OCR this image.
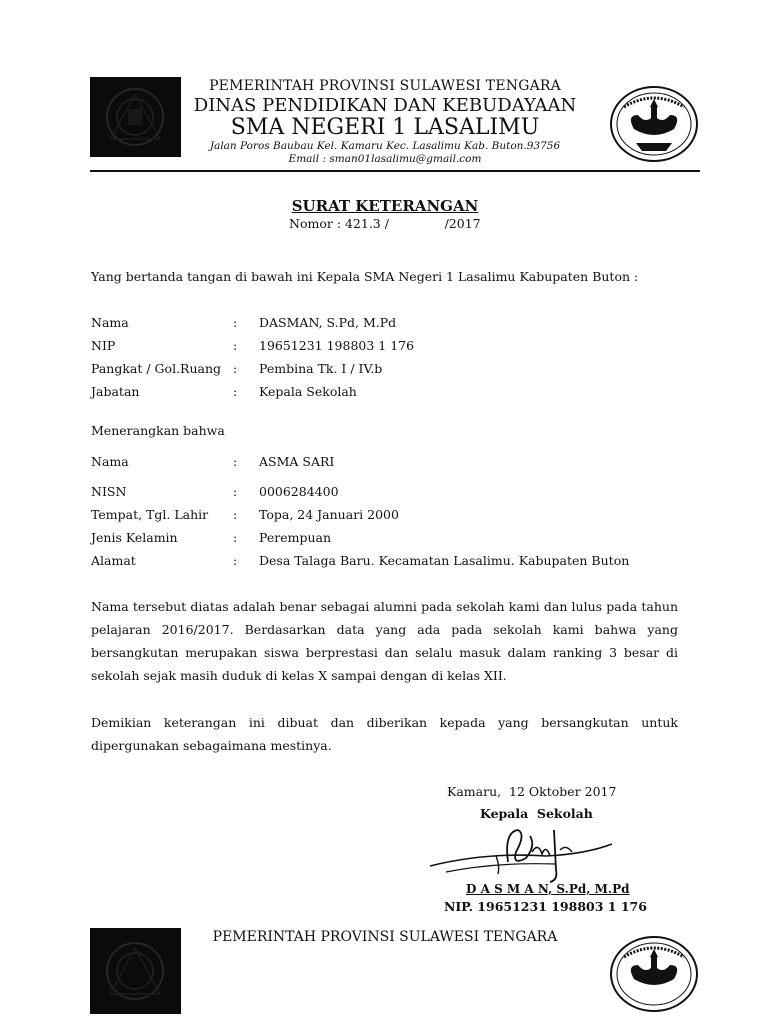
PEMERINTAH PROVINSI SULAWESI TENGARA
DINAS PENDIDIKAN DAN KEBUDAYAAN
SMA NEGERI 1 LASALIMU
Jalan Poros Baubau Kel. Kamaru Kec. Lasalimu Kab. Buton.93756
Email : sman01lasalimu@gmail.com
SURAT KETERANGAN
Nomor : 421.3 /              /2017
Yang bertanda tangan di bawah ini Kepala SMA Negeri 1 Lasalimu Kabupaten Buton :
Nama	: DASMAN, S.Pd, M.Pd
NIP	: 19651231 198803 1 176
Pangkat / Gol.Ruang : Pembina Tk. I / IV.b
Jabatan	: Kepala Sekolah
Menerangkan bahwa
Nama	: ASMA SARI
NISN	: 0006284400
Tempat, Tgl. Lahir : Topa, 24 Januari 2000
Jenis Kelamin	: Perempuan
Alamat	: Desa Talaga Baru. Kecamatan Lasalimu. Kabupaten Buton
Nama tersebut diatas adalah benar sebagai alumni pada sekolah kami dan lulus pada tahun pelajaran 2016/2017. Berdasarkan data yang ada pada sekolah kami bahwa yang bersangkutan merupakan siswa berprestasi dan selalu masuk dalam ranking 3 besar di sekolah sejak masih duduk di kelas X sampai dengan di kelas XII.
Demikian keterangan ini dibuat dan diberikan kepada yang bersangkutan untuk dipergunakan sebagaimana mestinya.
Kamaru,  12 Oktober 2017
Kepala  Sekolah
D A S M A N, S.Pd, M.Pd
NIP. 19651231 198803 1 176
PEMERINTAH PROVINSI SULAWESI TENGARA
